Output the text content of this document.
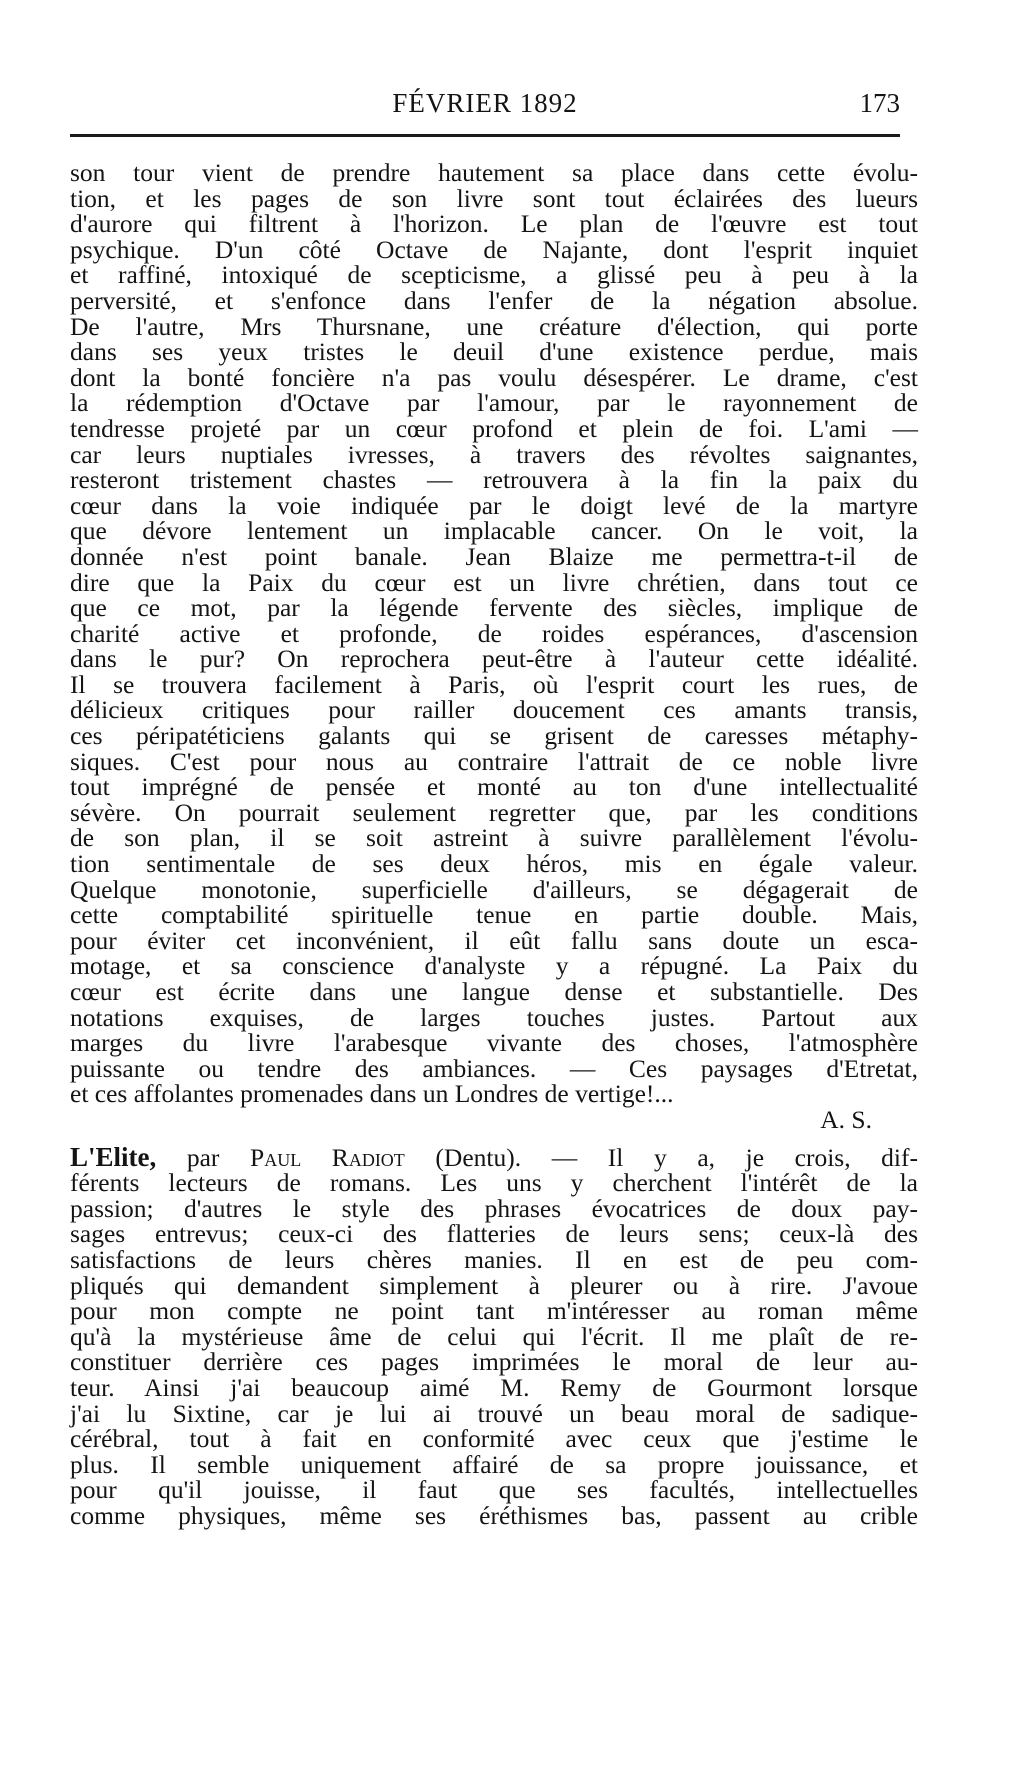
FÉVRIER 1892	173
son tour vient de prendre hautement sa place dans cette évolu-
tion, et les pages de son livre sont tout éclairées des lueurs
d'aurore qui filtrent à l'horizon. Le plan de l'œuvre est tout
psychique. D'un côté Octave de Najante, dont l'esprit inquiet
et raffiné, intoxiqué de scepticisme, a glissé peu à peu à la
perversité, et s'enfonce dans l'enfer de la négation absolue.
De l'autre, Mrs Thursnane, une créature d'élection, qui porte
dans ses yeux tristes le deuil d'une existence perdue, mais
dont la bonté foncière n'a pas voulu désespérer. Le drame, c'est
la rédemption d'Octave par l'amour, par le rayonnement de
tendresse projeté par un cœur profond et plein de foi. L'ami —
car leurs nuptiales ivresses, à travers des révoltes saignantes,
resteront tristement chastes — retrouvera à la fin la paix du
cœur dans la voie indiquée par le doigt levé de la martyre
que dévore lentement un implacable cancer. On le voit, la
donnée n'est point banale. Jean Blaize me permettra-t-il de
dire que la Paix du cœur est un livre chrétien, dans tout ce
que ce mot, par la légende fervente des siècles, implique de
charité active et profonde, de roides espérances, d'ascension
dans le pur? On reprochera peut-être à l'auteur cette idéalité.
Il se trouvera facilement à Paris, où l'esprit court les rues, de
délicieux critiques pour railler doucement ces amants transis,
ces péripatéticiens galants qui se grisent de caresses métaphy-
siques. C'est pour nous au contraire l'attrait de ce noble livre
tout imprégné de pensée et monté au ton d'une intellectualité
sévère. On pourrait seulement regretter que, par les conditions
de son plan, il se soit astreint à suivre parallèlement l'évolu-
tion sentimentale de ses deux héros, mis en égale valeur.
Quelque monotonie, superficielle d'ailleurs, se dégagerait de
cette comptabilité spirituelle tenue en partie double. Mais,
pour éviter cet inconvénient, il eût fallu sans doute un esca-
motage, et sa conscience d'analyste y a répugné. La Paix du
cœur est écrite dans une langue dense et substantielle. Des
notations exquises, de larges touches justes. Partout aux
marges du livre l'arabesque vivante des choses, l'atmosphère
puissante ou tendre des ambiances. — Ces paysages d'Etretat,
et ces affolantes promenades dans un Londres de vertige!...
A. S.
L'Elite, par Paul Radiot (Dentu). — Il y a, je crois, dif-
férents lecteurs de romans. Les uns y cherchent l'intérêt de la
passion; d'autres le style des phrases évocatrices de doux pay-
sages entrevus; ceux-ci des flatteries de leurs sens; ceux-là des
satisfactions de leurs chères manies. Il en est de peu com-
pliqués qui demandent simplement à pleurer ou à rire. J'avoue
pour mon compte ne point tant m'intéresser au roman même
qu'à la mystérieuse âme de celui qui l'écrit. Il me plaît de re-
constituer derrière ces pages imprimées le moral de leur au-
teur. Ainsi j'ai beaucoup aimé M. Remy de Gourmont lorsque
j'ai lu Sixtine, car je lui ai trouvé un beau moral de sadique-
cérébral, tout à fait en conformité avec ceux que j'estime le
plus. Il semble uniquement affairé de sa propre jouissance, et
pour qu'il jouisse, il faut que ses facultés, intellectuelles
comme physiques, même ses éréthismes bas, passent au crible
